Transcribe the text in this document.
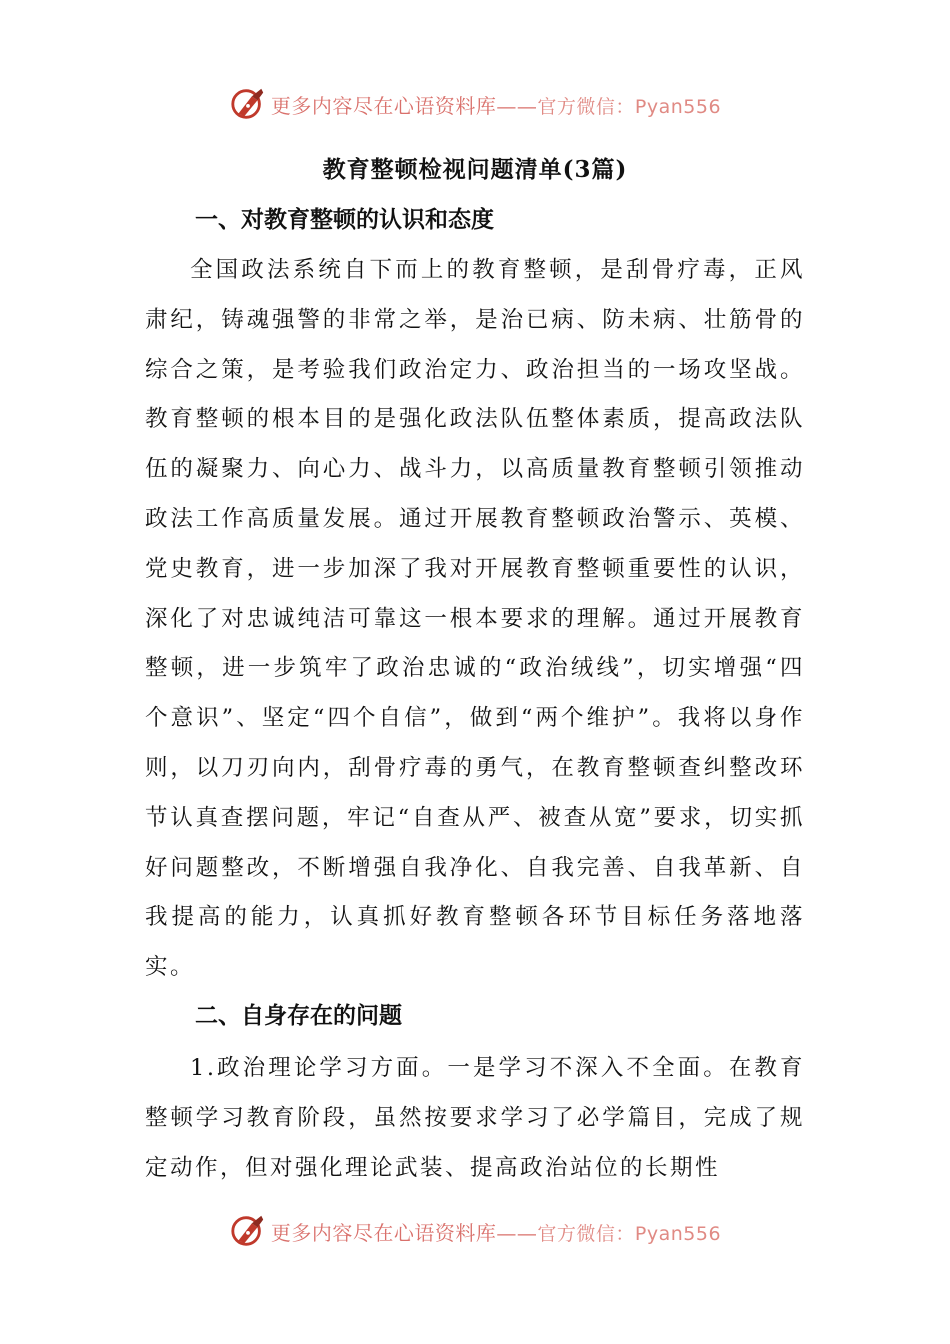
更多内容尽在心语资料库——官方微信：Pyan556
教育整顿检视问题清单(3篇)
一、对教育整顿的认识和态度

全国政法系统自下而上的教育整顿，是刮骨疗毒，正风肃纪，铸魂强警的非常之举，是治已病、防未病、壮筋骨的综合之策，是考验我们政治定力、政治担当的一场攻坚战。教育整顿的根本目的是强化政法队伍整体素质，提高政法队伍的凝聚力、向心力、战斗力，以高质量教育整顿引领推动政法工作高质量发展。通过开展教育整顿政治警示、英模、党史教育，进一步加深了我对开展教育整顿重要性的认识，深化了对忠诚纯洁可靠这一根本要求的理解。通过开展教育整顿，进一步筑牢了政治忠诚的“政治绒线”，切实增强“四个意识”、坚定“四个自信”，做到“两个维护”。我将以身作则，以刀刃向内，刮骨疗毒的勇气，在教育整顿查纠整改环节认真查摆问题，牢记“自查从严、被查从宽”要求，切实抓好问题整改，不断增强自我净化、自我完善、自我革新、自我提高的能力，认真抓好教育整顿各环节目标任务落地落实。

二、自身存在的问题

1.政治理论学习方面。一是学习不深入不全面。在教育整顿学习教育阶段，虽然按要求学习了必学篇目，完成了规定动作，但对强化理论武装、提高政治站位的长期性

更多内容尽在心语资料库——官方微信：Pyan556
